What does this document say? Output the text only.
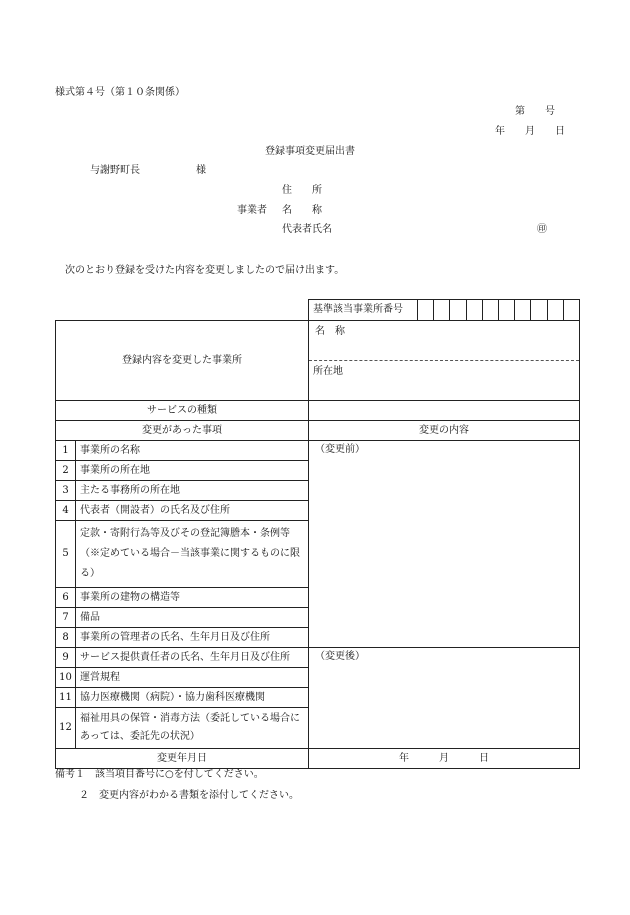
様式第４号（第１０条関係）
第　　号
年　　月　　日
登録事項変更届出書
与謝野町長	様
住　　所
事業者 名　　称
代表者氏名	㊞
次のとおり登録を受けた内容を変更しましたので届け出ます。

		基準該当事業所番号

登録内容を変更した事業所		名　称
所在地

サービスの種類		
変更があった事項		変更の内容
1	事業所の名称	（変更前）

2	事業所の所在地	
3	主たる事務所の所在地	
4	代表者（開設者）の氏名及び住所	
5	定款・寄附行為等及びその登記簿謄本・条例等（※定めている場合－当該事業に関するものに限る）	
6	事業所の建物の構造等	
7	備品	
8	事業所の管理者の氏名、生年月日及び住所	
9	サービス提供責任者の氏名、生年月日及び住所	（変更後）

10	運営規程	
11	協力医療機関（病院）・協力歯科医療機関	
12	福祉用具の保管・消毒方法（委託している場合にあっては、委託先の状況）	
変更年月日		年　　　月　　　日
備考１　該当項目番号に○を付してください。
２　変更内容がわかる書類を添付してください。
